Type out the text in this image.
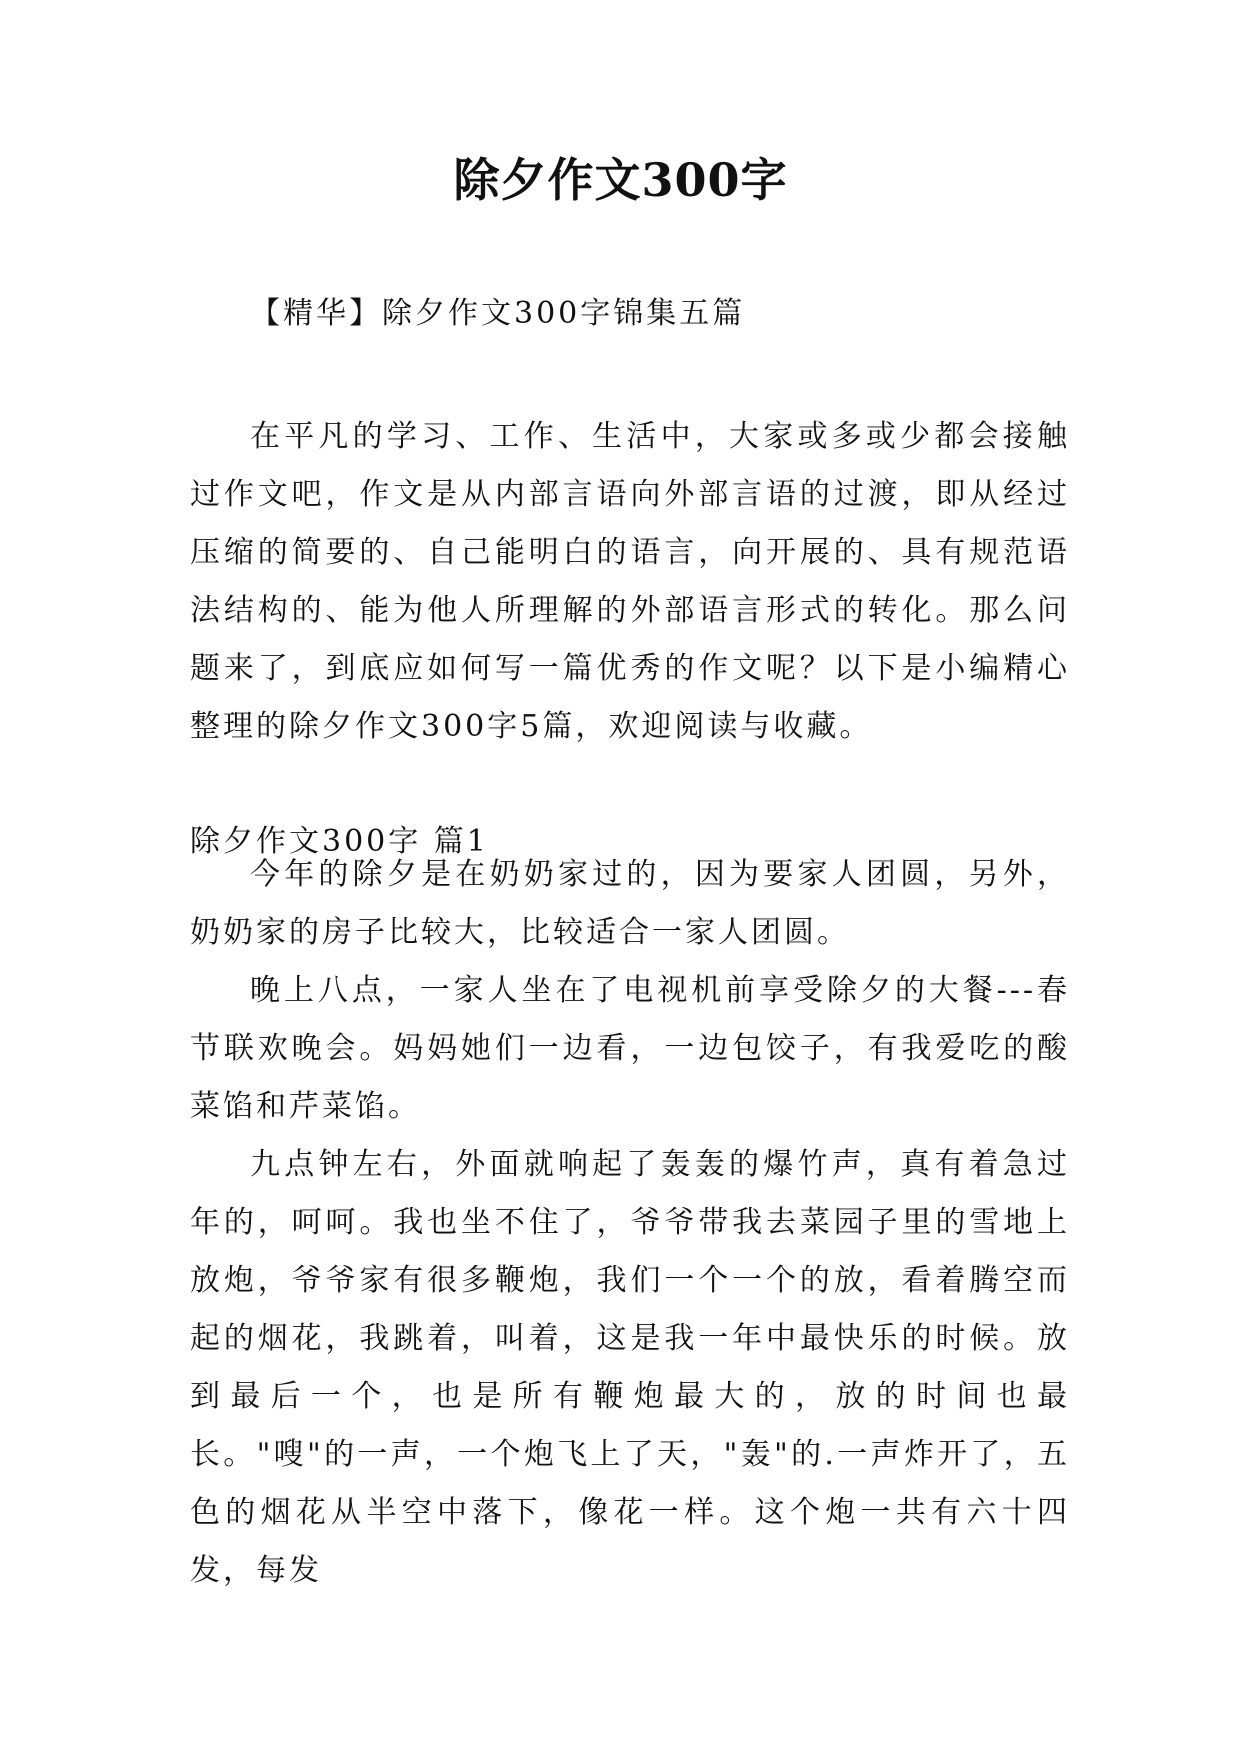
除夕作文300字
【精华】除夕作文300字锦集五篇
在平凡的学习、工作、生活中，大家或多或少都会接触过作文吧，作文是从内部言语向外部言语的过渡，即从经过压缩的简要的、自己能明白的语言，向开展的、具有规范语法结构的、能为他人所理解的外部语言形式的转化。那么问题来了，到底应如何写一篇优秀的作文呢？以下是小编精心整理的除夕作文300字5篇，欢迎阅读与收藏。
除夕作文300字 篇1

今年的除夕是在奶奶家过的，因为要家人团圆，另外，奶奶家的房子比较大，比较适合一家人团圆。

晚上八点，一家人坐在了电视机前享受除夕的大餐---春节联欢晚会。妈妈她们一边看，一边包饺子，有我爱吃的酸菜馅和芹菜馅。

九点钟左右，外面就响起了轰轰的爆竹声，真有着急过年的，呵呵。我也坐不住了，爷爷带我去菜园子里的雪地上放炮，爷爷家有很多鞭炮，我们一个一个的放，看着腾空而起的烟花，我跳着，叫着，这是我一年中最快乐的时候。放到最后一个，也是所有鞭炮最大的，放的时间也最长。"嗖"的一声，一个炮飞上了天，"轰"的.一声炸开了，五色的烟花从半空中落下，像花一样。这个炮一共有六十四发，每发
